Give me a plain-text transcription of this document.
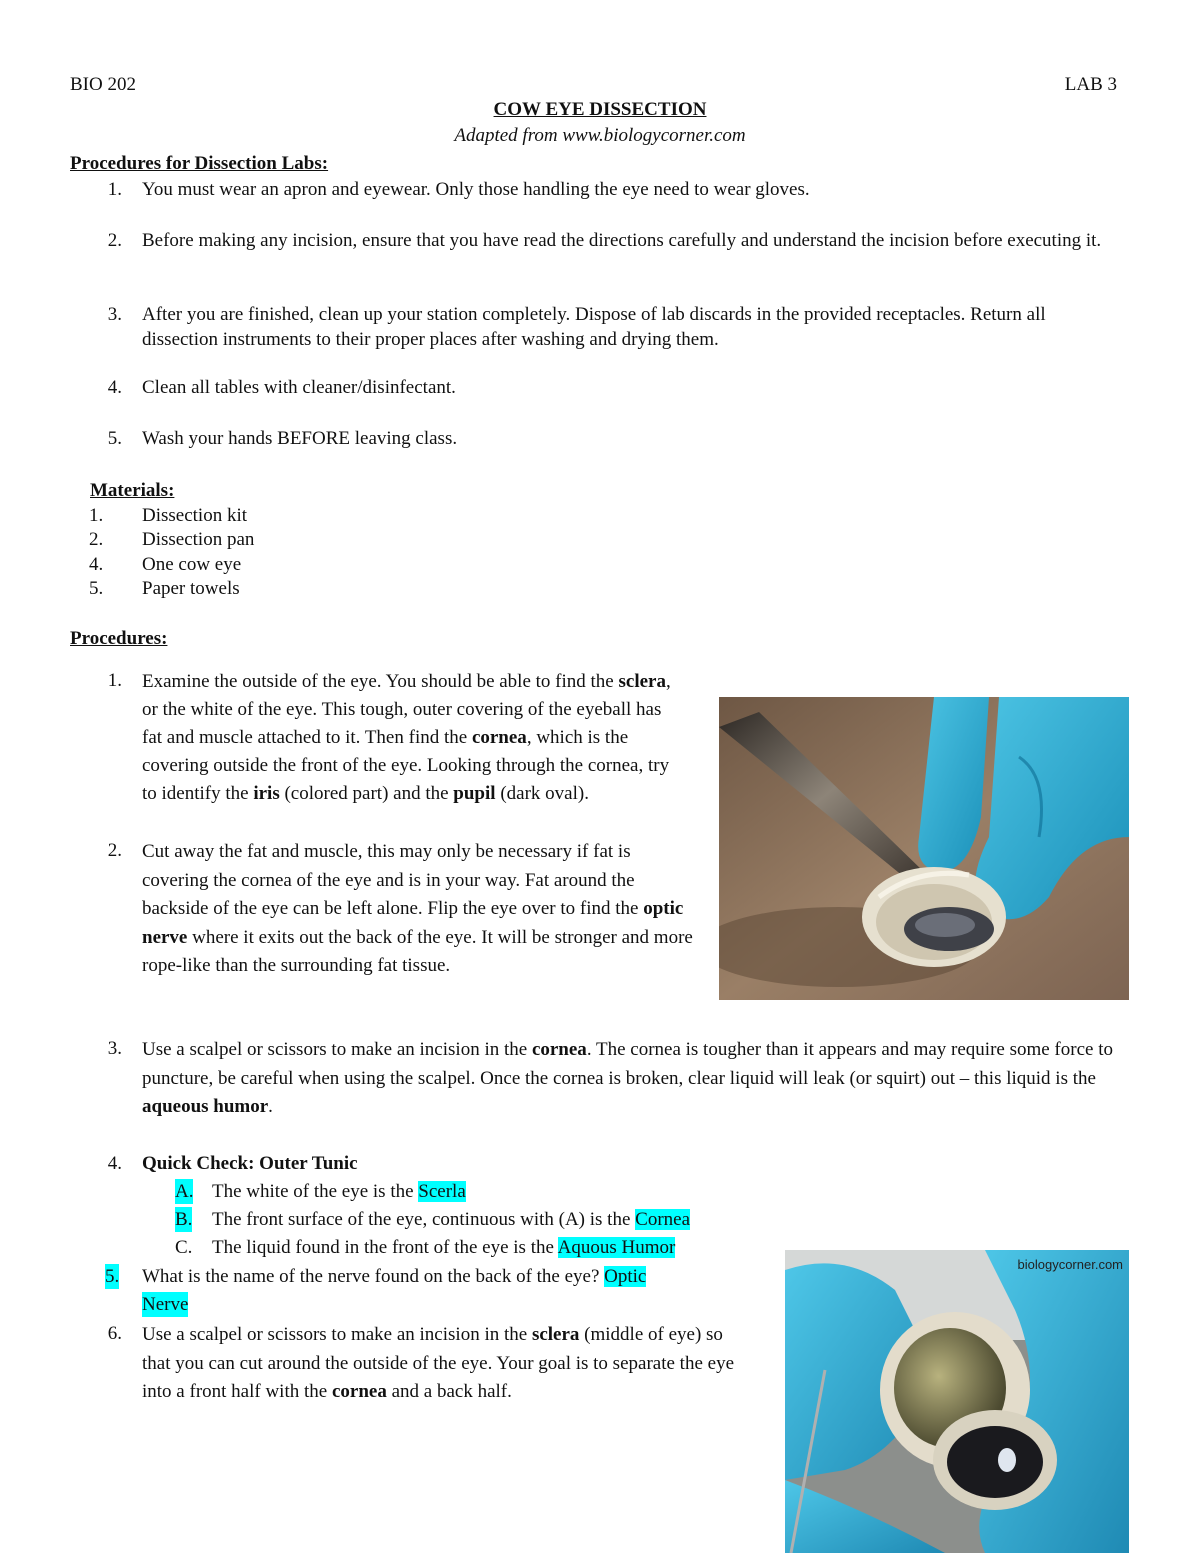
BIO 202	LAB 3
COW EYE DISSECTION
Adapted from www.biologycorner.com
Procedures for Dissection Labs:
1. You must wear an apron and eyewear. Only those handling the eye need to wear gloves.
2. Before making any incision, ensure that you have read the directions carefully and understand the incision before executing it.
3. After you are finished, clean up your station completely. Dispose of lab discards in the provided receptacles. Return all dissection instruments to their proper places after washing and drying them.
4. Clean all tables with cleaner/disinfectant.
5. Wash your hands BEFORE leaving class.
Materials:
1. Dissection kit
2. Dissection pan
4. One cow eye
5. Paper towels
Procedures:
1. Examine the outside of the eye. You should be able to find the sclera, or the white of the eye. This tough, outer covering of the eyeball has fat and muscle attached to it. Then find the cornea, which is the covering outside the front of the eye. Looking through the cornea, try to identify the iris (colored part) and the pupil (dark oval).
2. Cut away the fat and muscle, this may only be necessary if fat is covering the cornea of the eye and is in your way. Fat around the backside of the eye can be left alone. Flip the eye over to find the optic nerve where it exits out the back of the eye. It will be stronger and more rope-like than the surrounding fat tissue.
3. Use a scalpel or scissors to make an incision in the cornea. The cornea is tougher than it appears and may require some force to puncture, be careful when using the scalpel. Once the cornea is broken, clear liquid will leak (or squirt) out – this liquid is the aqueous humor.
4. Quick Check: Outer Tunic
A. The white of the eye is the Scerla
B. The front surface of the eye, continuous with (A) is the Cornea
C. The liquid found in the front of the eye is the Aquous Humor
5. What is the name of the nerve found on the back of the eye? Optic
Nerve
6. Use a scalpel or scissors to make an incision in the sclera (middle of eye) so that you can cut around the outside of the eye. Your goal is to separate the eye into a front half with the cornea and a back half.
biologycorner.com
